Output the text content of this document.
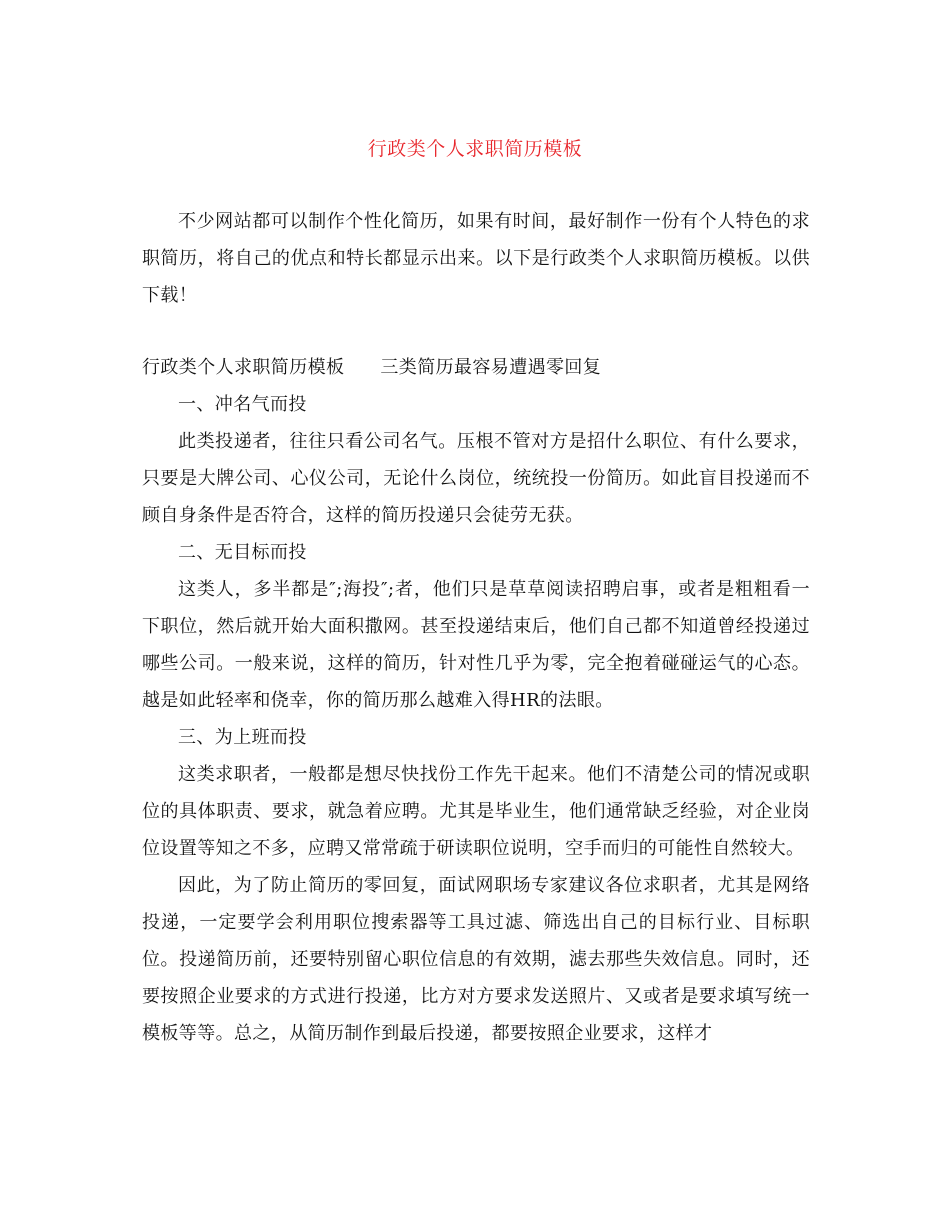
行政类个人求职简历模板

不少网站都可以制作个性化简历，如果有时间，最好制作一份有个人特色的求职简历，将自己的优点和特长都显示出来。以下是行政类个人求职简历模板。以供下载！

行政类个人求职简历模板 三类简历最容易遭遇零回复

一、冲名气而投

此类投递者，往往只看公司名气。压根不管对方是招什么职位、有什么要求，只要是大牌公司、心仪公司，无论什么岗位，统统投一份简历。如此盲目投递而不顾自身条件是否符合，这样的简历投递只会徒劳无获。

二、无目标而投

这类人，多半都是″;海投″;者，他们只是草草阅读招聘启事，或者是粗粗看一下职位，然后就开始大面积撒网。甚至投递结束后，他们自己都不知道曾经投递过哪些公司。一般来说，这样的简历，针对性几乎为零，完全抱着碰碰运气的心态。越是如此轻率和侥幸，你的简历那么越难入得HR的法眼。

三、为上班而投

这类求职者，一般都是想尽快找份工作先干起来。他们不清楚公司的情况或职位的具体职责、要求，就急着应聘。尤其是毕业生，他们通常缺乏经验，对企业岗位设置等知之不多，应聘又常常疏于研读职位说明，空手而归的可能性自然较大。

因此，为了防止简历的零回复，面试网职场专家建议各位求职者，尤其是网络投递，一定要学会利用职位搜索器等工具过滤、筛选出自己的目标行业、目标职位。投递简历前，还要特别留心职位信息的有效期，滤去那些失效信息。同时，还要按照企业要求的方式进行投递，比方对方要求发送照片、又或者是要求填写统一模板等等。总之，从简历制作到最后投递，都要按照企业要求，这样才
